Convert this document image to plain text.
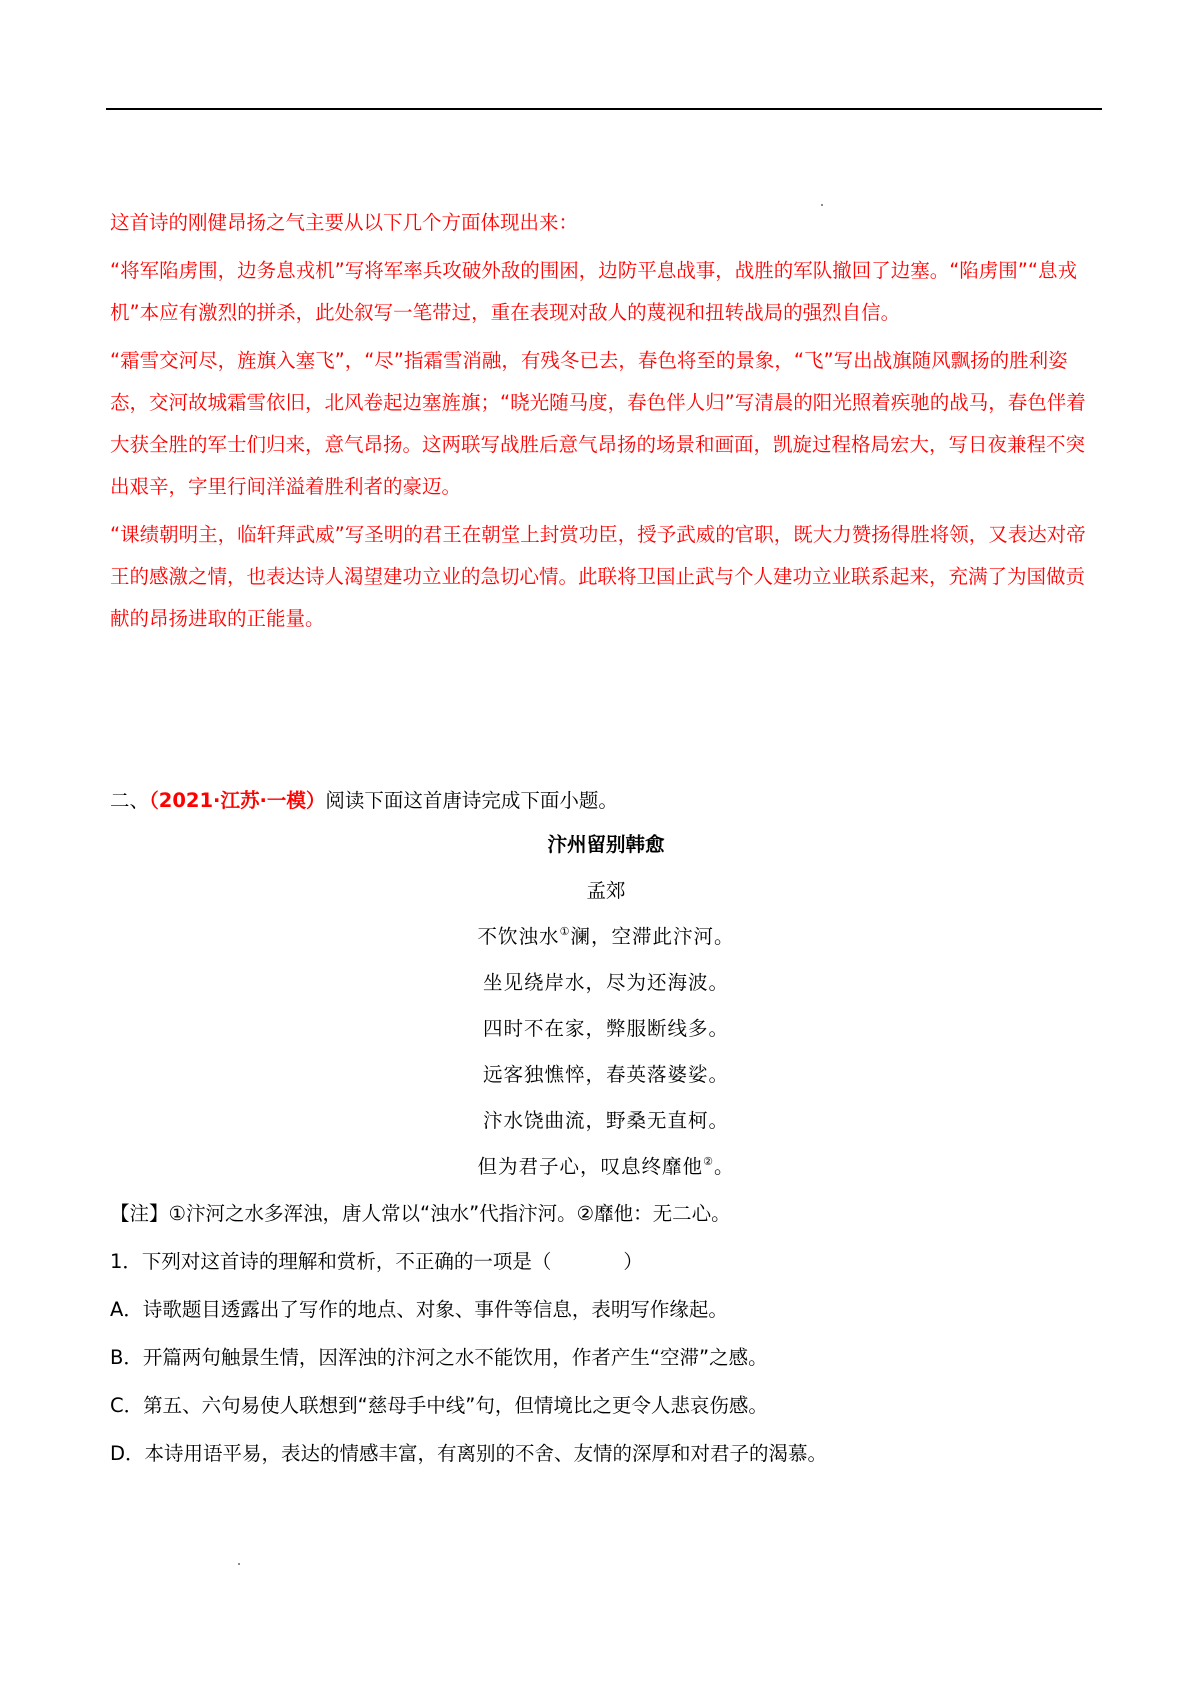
这首诗的刚健昂扬之气主要从以下几个方面体现出来：

“将军陷虏围，边务息戎机”写将军率兵攻破外敌的围困，边防平息战事，战胜的军队撤回了边塞。“陷虏围”“息戎机”本应有激烈的拼杀，此处叙写一笔带过，重在表现对敌人的蔑视和扭转战局的强烈自信。

“霜雪交河尽，旌旗入塞飞”，“尽”指霜雪消融，有残冬已去，春色将至的景象，“飞”写出战旗随风飘扬的胜利姿态，交河故城霜雪依旧，北风卷起边塞旌旗；“晓光随马度，春色伴人归”写清晨的阳光照着疾驰的战马，春色伴着大获全胜的军士们归来，意气昂扬。这两联写战胜后意气昂扬的场景和画面，凯旋过程格局宏大，写日夜兼程不突出艰辛，字里行间洋溢着胜利者的豪迈。

“课绩朝明主，临轩拜武威”写圣明的君王在朝堂上封赏功臣，授予武威的官职，既大力赞扬得胜将领，又表达对帝王的感激之情，也表达诗人渴望建功立业的急切心情。此联将卫国止武与个人建功立业联系起来，充满了为国做贡献的昂扬进取的正能量。

二、（2021·江苏·一模）阅读下面这首唐诗完成下面小题。
汴州留别韩愈
孟郊
不饮浊水①澜，空滞此汴河。
坐见绕岸水，尽为还海波。
四时不在家，弊服断线多。
远客独憔悴，春英落婆娑。
汴水饶曲流，野桑无直柯。
但为君子心，叹息终靡他②。

【注】①汴河之水多浑浊，唐人常以“浊水”代指汴河。②靡他：无二心。

1．下列对这首诗的理解和赏析，不正确的一项是（	）

A．诗歌题目透露出了写作的地点、对象、事件等信息，表明写作缘起。

B．开篇两句触景生情，因浑浊的汴河之水不能饮用，作者产生“空滞”之感。

C．第五、六句易使人联想到“慈母手中线”句，但情境比之更令人悲哀伤感。

D．本诗用语平易，表达的情感丰富，有离别的不舍、友情的深厚和对君子的渴慕。
